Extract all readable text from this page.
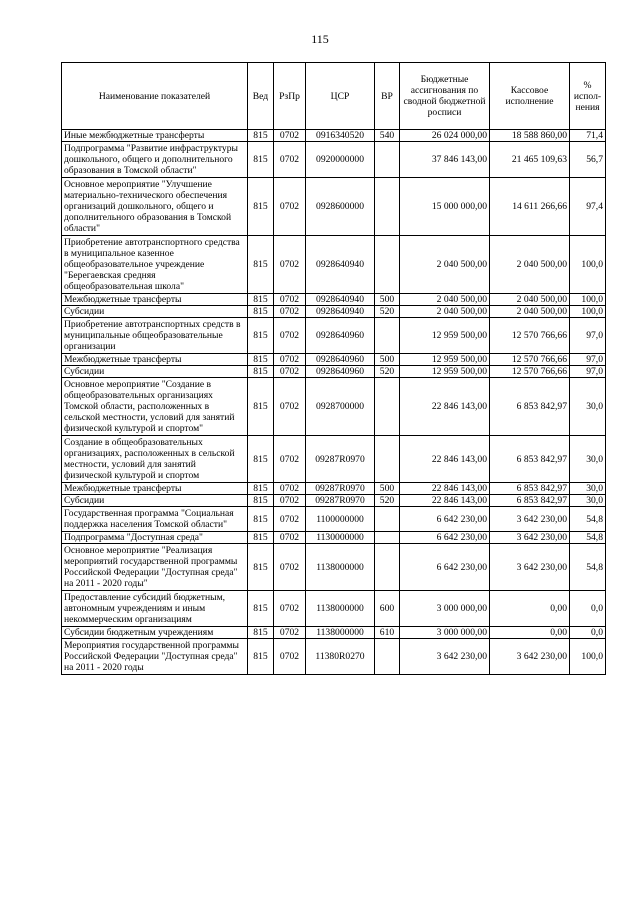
115
Наименование показателей	Вед	РзПр	ЦСР	ВР	Бюджетные ассигнования по сводной бюджетной росписи	Кассовое исполнение	% испол-нения
Иные межбюджетные трансферты	815	0702	0916340520	540	26 024 000,00	18 588 860,00	71,4
Подпрограмма "Развитие инфраструктуры дошкольного, общего и дополнительного образования в Томской области"	815	0702	0920000000		37 846 143,00	21 465 109,63	56,7
Основное мероприятие "Улучшение материально-технического обеспечения организаций дошкольного, общего и дополнительного образования в Томской области"	815	0702	0928600000		15 000 000,00	14 611 266,66	97,4
Приобретение автотранспортного средства в муниципальное казенное общеобразовательное учреждение "Берегаевская средняя общеобразовательная школа"	815	0702	0928640940		2 040 500,00	2 040 500,00	100,0
Межбюджетные трансферты	815	0702	0928640940	500	2 040 500,00	2 040 500,00	100,0
Субсидии	815	0702	0928640940	520	2 040 500,00	2 040 500,00	100,0
Приобретение автотранспортных средств в муниципальные общеобразовательные организации	815	0702	0928640960		12 959 500,00	12 570 766,66	97,0
Межбюджетные трансферты	815	0702	0928640960	500	12 959 500,00	12 570 766,66	97,0
Субсидии	815	0702	0928640960	520	12 959 500,00	12 570 766,66	97,0
Основное мероприятие "Создание в общеобразовательных организациях Томской области, расположенных в сельской местности, условий для занятий физической культурой и спортом"	815	0702	0928700000		22 846 143,00	6 853 842,97	30,0
Создание в общеобразовательных организациях, расположенных в сельской местности, условий для занятий физической культурой и спортом	815	0702	09287R0970		22 846 143,00	6 853 842,97	30,0
Межбюджетные трансферты	815	0702	09287R0970	500	22 846 143,00	6 853 842,97	30,0
Субсидии	815	0702	09287R0970	520	22 846 143,00	6 853 842,97	30,0
Государственная программа "Социальная поддержка населения Томской области"	815	0702	1100000000		6 642 230,00	3 642 230,00	54,8
Подпрограмма "Доступная среда"	815	0702	1130000000		6 642 230,00	3 642 230,00	54,8
Основное мероприятие "Реализация мероприятий государственной программы Российской Федерации "Доступная среда" на 2011 - 2020 годы"	815	0702	1138000000		6 642 230,00	3 642 230,00	54,8
Предоставление субсидий бюджетным, автономным учреждениям и иным некоммерческим организациям	815	0702	1138000000	600	3 000 000,00	0,00	0,0
Субсидии бюджетным учреждениям	815	0702	1138000000	610	3 000 000,00	0,00	0,0
Мероприятия государственной программы Российской Федерации "Доступная среда" на 2011 - 2020 годы	815	0702	11380R0270		3 642 230,00	3 642 230,00	100,0
